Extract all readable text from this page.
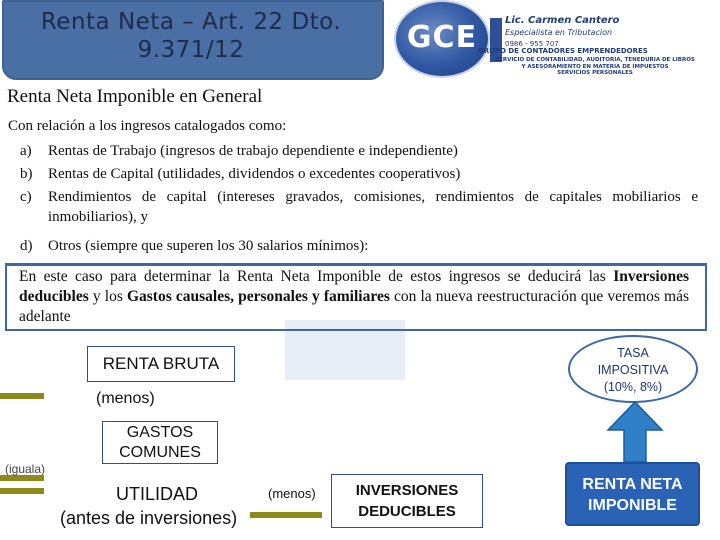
Renta Neta – Art. 22 Dto.
9.371/12	GCE	Lic. Carmen Cantero
Especialista en Tributacion
0986 - 955 707
GRUPO DE CONTADORES EMPRENDEDORES
SERVICIO DE CONTABILIDAD, AUDITORIA, TENEDURIA DE LIBROS
Y ASESORAMIENTO EN MATERIA DE IMPUESTOS
SERVICIOS PERSONALES
Renta Neta Imponible en General
Con relación a los ingresos catalogados como:
a) Rentas de Trabajo (ingresos de trabajo dependiente e independiente)
b) Rentas de Capital (utilidades, dividendos o excedentes cooperativos)
c) Rendimientos de capital (intereses gravados, comisiones, rendimientos de capitales mobiliarios e inmobiliarios), y
d) Otros (siempre que superen los 30 salarios mínimos):
En este caso para determinar la Renta Neta Imponible de estos ingresos se deducirá las Inversiones deducibles y los Gastos causales, personales y familiares con la nueva reestructuración que veremos más adelante
RENTA BRUTA
(menos)
GASTOS
COMUNES
(iguala)
UTILIDAD
(antes de inversiones)
(menos)	INVERSIONES
DEDUCIBLES
TASA
IMPOSITIVA
(10%, 8%)
RENTA NETA
IMPONIBLE
